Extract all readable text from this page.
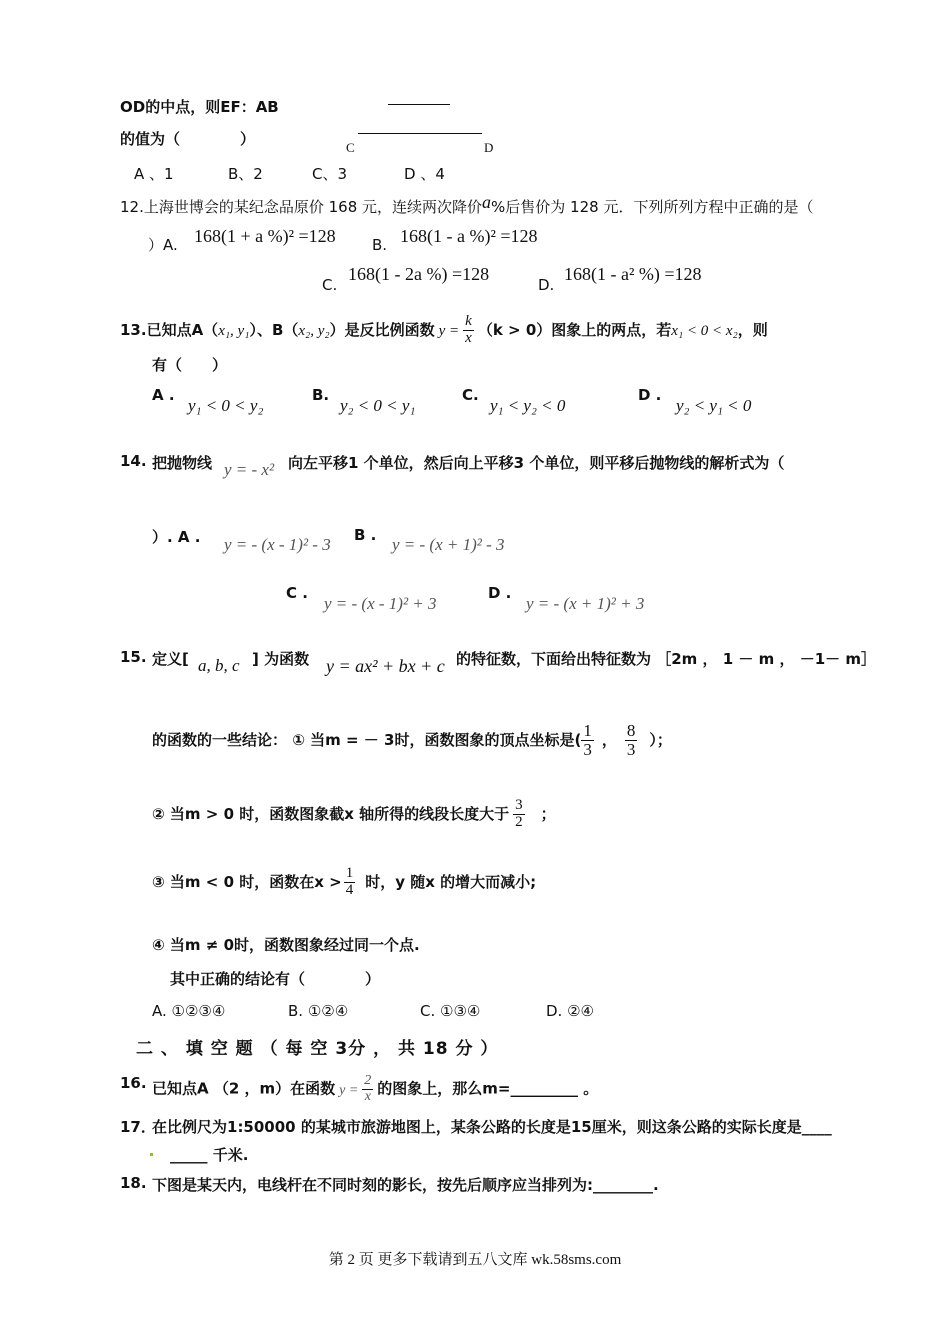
OD的中点，则EF：AB
的值为（　　　　）	C	D
A 、1	B、2	C、3	D 、4
12.上海世博会的某纪念品原价 168 元，连续两次降价a%后售价为 128 元．下列所列方程中正确的是（
）A. 168(1 + a %)² =128 B. 168(1 - a %)² =128
C.
168(1 - 2a %) =128
D.
168(1 - a² %) =128
13.已知点A（x₁, y₁）、B（x₂, y₂）是反比例函数 $y = \frac{k}{x} (k > 0)$图象上的两点，若x₁ < 0 < x₂，则
有（　　）
A .
y₁ < 0 < y₂
B.
y₂ < 0 < y₁
C.
y₁ < y₂ < 0
D .
y₂ < y₁ < 0
14. 把抛物线 y = - x² 向左平移1 个单位，然后向上平移3 个单位，则平移后抛物线的解析式为（
）. A . y = - (x - 1)² - 3 B . y = - (x + 1)² - 3
C .
y = - (x - 1)² + 3
D .
y = - (x + 1)² + 3
15. 定义[ a, b, c ] 为函数 y = ax² + bx + c 的特征数，下面给出特征数为 ［2m ， 1 － m ， －1－ m］
的函数的一些结论： ① 当m = － 3时，函数图象的顶点坐标是( $\frac{1}{3}$ ， $\frac{8}{3}$ ）；
② 当m > 0 时，函数图象截x 轴所得的线段长度大于 $\frac{3}{2}$ ；
③ 当m < 0 时，函数在$x > \frac{1}{4}$ 时，y 随x 的增大而减小;
④ 当m ≠ 0时，函数图象经过同一个点.
其中正确的结论有（　　　　）
A. ①②③④	B. ①②④	C. ①③④	D. ②④
二 、 填 空 题 （ 每 空 3分 ， 共 18 分 ）
16. 已知点A （2 ，m）在函数 $y = \frac{2}{x}$ 的图象上，那么m=_________ 。
17．
在比例尺为1:50000 的某城市旅游地图上，某条公路的长度是15厘米，则这条公路的实际长度是____
_____ 千米.
18. 下图是某天内，电线杆在不同时刻的影长，按先后顺序应当排列为:________.
第 2 页 更多下载请到五八文库 wk.58sms.com
